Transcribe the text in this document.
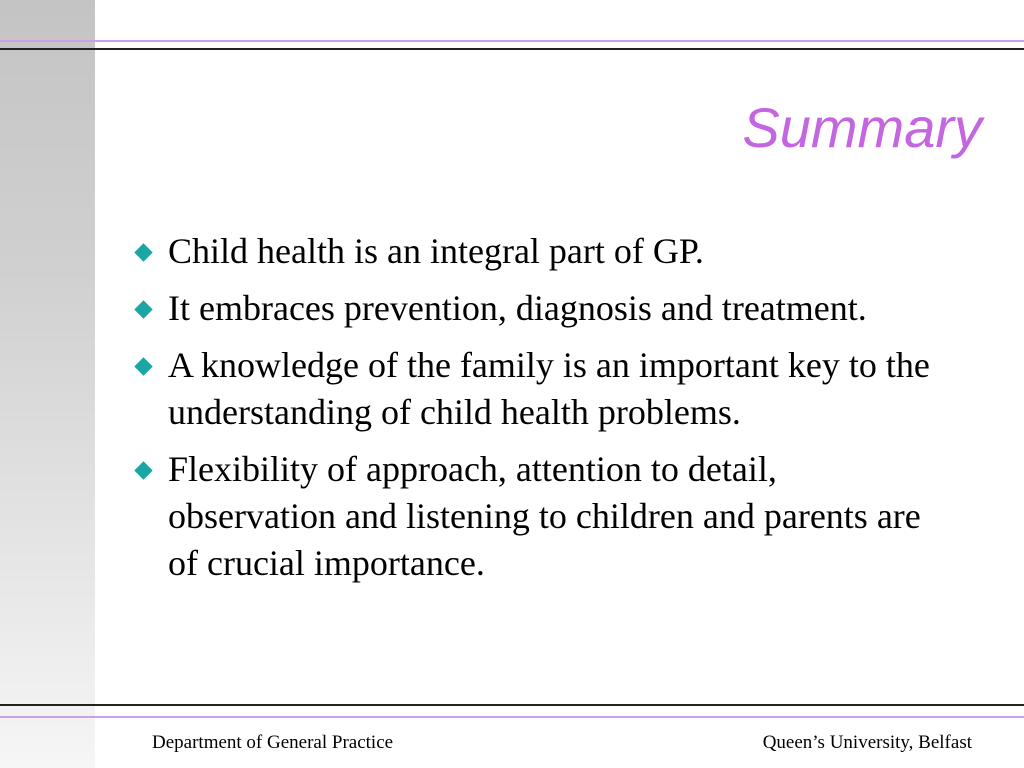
Summary
Child health is an integral part of GP.
It embraces prevention, diagnosis and treatment.
A knowledge of the family is an important key to the understanding of child health problems.
Flexibility of approach, attention to detail, observation and listening to children and parents are of crucial importance.
Department of General Practice	Queen’s University, Belfast
